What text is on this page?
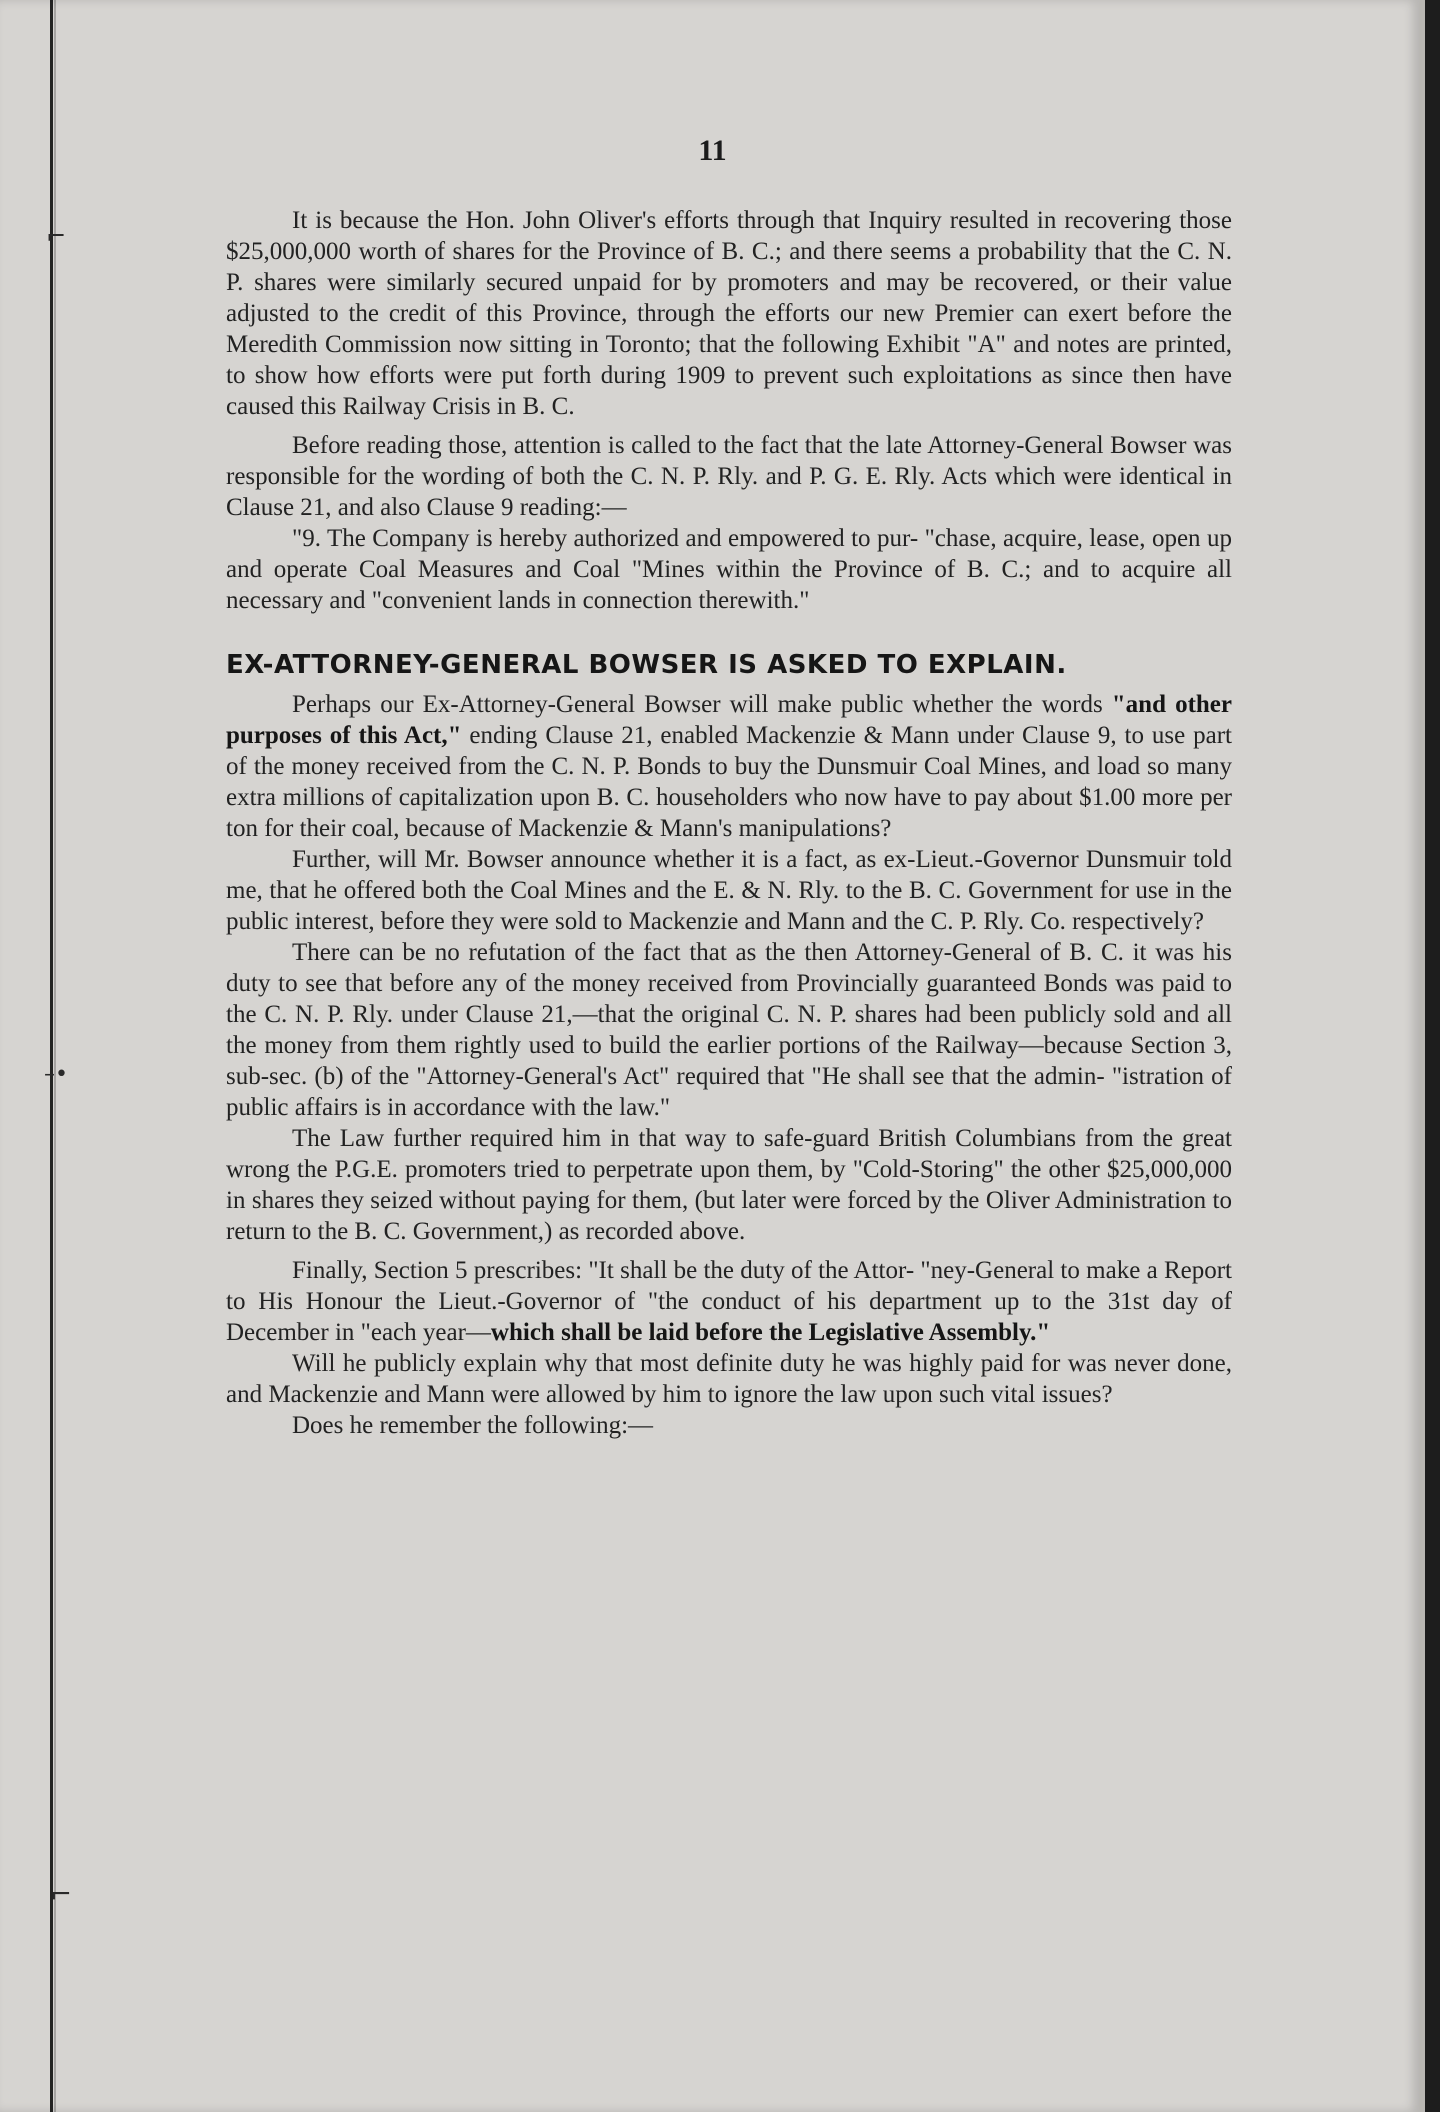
⌐
–•
⌐
11

It is because the Hon. John Oliver's efforts through that Inquiry resulted in recovering those $25,000,000 worth of shares for the Province of B. C.; and there seems a probability that the C. N. P. shares were similarly secured unpaid for by promoters and may be recovered, or their value adjusted to the credit of this Province, through the efforts our new Premier can exert before the Meredith Commission now sitting in Toronto; that the following Exhibit "A" and notes are printed, to show how efforts were put forth during 1909 to prevent such exploitations as since then have caused this Railway Crisis in B. C.

Before reading those, attention is called to the fact that the late Attorney-General Bowser was responsible for the wording of both the C. N. P. Rly. and P. G. E. Rly. Acts which were identical in Clause 21, and also Clause 9 reading:—

"9. The Company is hereby authorized and empowered to pur- "chase, acquire, lease, open up and operate Coal Measures and Coal "Mines within the Province of B. C.; and to acquire all necessary and "convenient lands in connection therewith."

EX-ATTORNEY-GENERAL BOWSER IS ASKED TO EXPLAIN.

Perhaps our Ex-Attorney-General Bowser will make public whether the words "and other purposes of this Act," ending Clause 21, enabled Mackenzie & Mann under Clause 9, to use part of the money received from the C. N. P. Bonds to buy the Dunsmuir Coal Mines, and load so many extra millions of capitalization upon B. C. householders who now have to pay about $1.00 more per ton for their coal, because of Mackenzie & Mann's manipulations?

Further, will Mr. Bowser announce whether it is a fact, as ex-Lieut.-Governor Dunsmuir told me, that he offered both the Coal Mines and the E. & N. Rly. to the B. C. Government for use in the public interest, before they were sold to Mackenzie and Mann and the C. P. Rly. Co. respectively?

There can be no refutation of the fact that as the then Attorney-General of B. C. it was his duty to see that before any of the money received from Provincially guaranteed Bonds was paid to the C. N. P. Rly. under Clause 21,—that the original C. N. P. shares had been publicly sold and all the money from them rightly used to build the earlier portions of the Railway—because Section 3, sub-sec. (b) of the "Attorney-General's Act" required that "He shall see that the admin- "istration of public affairs is in accordance with the law."

The Law further required him in that way to safe-guard British Columbians from the great wrong the P.G.E. promoters tried to perpetrate upon them, by "Cold-Storing" the other $25,000,000 in shares they seized without paying for them, (but later were forced by the Oliver Administration to return to the B. C. Government,) as recorded above.

Finally, Section 5 prescribes: "It shall be the duty of the Attor- "ney-General to make a Report to His Honour the Lieut.-Governor of "the conduct of his department up to the 31st day of December in "each year—which shall be laid before the Legislative Assembly."

Will he publicly explain why that most definite duty he was highly paid for was never done, and Mackenzie and Mann were allowed by him to ignore the law upon such vital issues?

Does he remember the following:—
